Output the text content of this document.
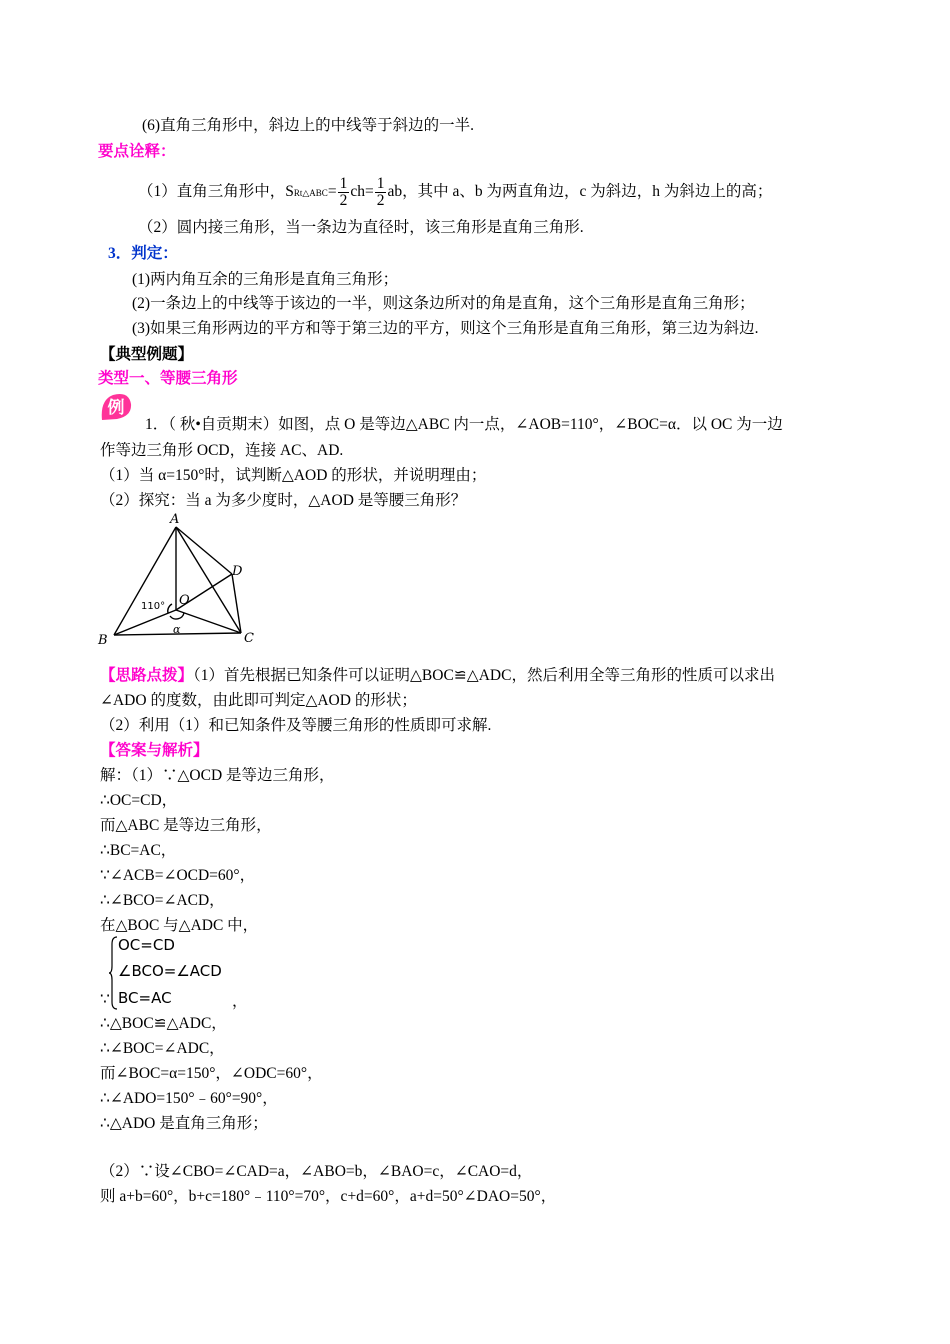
(6)直角三角形中，斜边上的中线等于斜边的一半.
要点诠释：
（1）直角三角形中，SRt△ABC= $\frac{1}{2} ch= \frac{1}{2}$ ab，其中 a、b 为两直角边，c 为斜边，h 为斜边上的高；
（2）圆内接三角形，当一条边为直径时，该三角形是直角三角形.
3．判定：
(1)两内角互余的三角形是直角三角形；
(2)一条边上的中线等于该边的一半，则这条边所对的角是直角，这个三角形是直角三角形；
(3)如果三角形两边的平方和等于第三边的平方，则这个三角形是直角三角形，第三边为斜边.
【典型例题】
类型一、等腰三角形
例
1．（ 秋•自贡期末）如图，点 O 是等边△ABC 内一点，∠AOB=110°，∠BOC=α．以 OC 为一边
作等边三角形 OCD，连接 AC、AD.
（1）当 α=150°时，试判断△AOD 的形状，并说明理由；
（2）探究：当 a 为多少度时，△AOD 是等腰三角形？
A
B	C
D
O
α
110°
【思路点拨】（1）首先根据已知条件可以证明△BOC≌△ADC，然后利用全等三角形的性质可以求出
∠ADO 的度数，由此即可判定△AOD 的形状；
（2）利用（1）和已知条件及等腰三角形的性质即可求解.
【答案与解析】
解：（1）∵△OCD 是等边三角形，
∴OC=CD，
而△ABC 是等边三角形，
∴BC=AC，
∵∠ACB=∠OCD=60°，
∴∠BCO=∠ACD，
在△BOC 与△ADC 中，
OC=CD
∠BCO=∠ACD
BC=AC
∵	，
∴△BOC≌△ADC，
∴∠BOC=∠ADC，
而∠BOC=α=150°，∠ODC=60°，
∴∠ADO=150°﹣60°=90°，
∴△ADO 是直角三角形；
（2）∵设∠CBO=∠CAD=a，∠ABO=b，∠BAO=c，∠CAO=d，
则 a+b=60°，b+c=180°﹣110°=70°，c+d=60°，a+d=50°∠DAO=50°，
